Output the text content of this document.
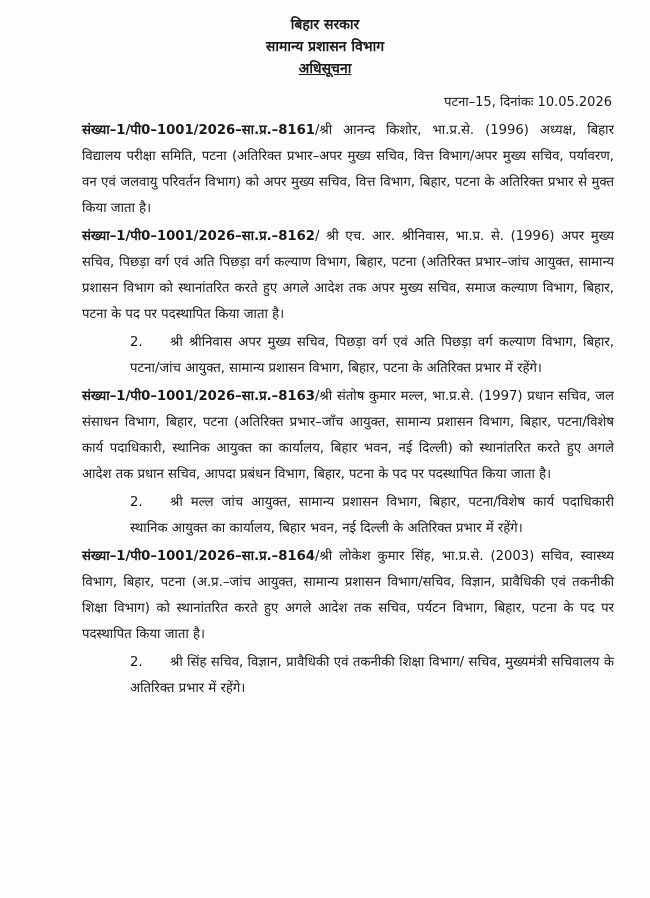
बिहार सरकार
सामान्य प्रशासन विभाग
अधिसूचना
पटना–15, दिनांकः 10.05.2026

संख्या–1/पी0–1001/2026–सा.प्र.–8161/श्री आनन्द किशोर, भा.प्र.से. (1996) अध्यक्ष, बिहार विद्यालय परीक्षा समिति, पटना (अतिरिक्त प्रभार–अपर मुख्य सचिव, वित्त विभाग/अपर मुख्य सचिव, पर्यावरण, वन एवं जलवायु परिवर्तन विभाग) को अपर मुख्य सचिव, वित्त विभाग, बिहार, पटना के अतिरिक्त प्रभार से मुक्त किया जाता है।

संख्या–1/पी0–1001/2026–सा.प्र.–8162/ श्री एच. आर. श्रीनिवास, भा.प्र. से. (1996) अपर मुख्य सचिव, पिछड़ा वर्ग एवं अति पिछड़ा वर्ग कल्याण विभाग, बिहार, पटना (अतिरिक्त प्रभार–जांच आयुक्त, सामान्य प्रशासन विभाग को स्थानांतरित करते हुए अगले आदेश तक अपर मुख्य सचिव, समाज कल्याण विभाग, बिहार, पटना के पद पर पदस्थापित किया जाता है।

2. श्री श्रीनिवास अपर मुख्य सचिव, पिछड़ा वर्ग एवं अति पिछड़ा वर्ग कल्याण विभाग, बिहार, पटना/जांच आयुक्त, सामान्य प्रशासन विभाग, बिहार, पटना के अतिरिक्त प्रभार में रहेंगे।

संख्या–1/पी0–1001/2026–सा.प्र.–8163/श्री संतोष कुमार मल्ल, भा.प्र.से. (1997) प्रधान सचिव, जल संसाधन विभाग, बिहार, पटना (अतिरिक्त प्रभार–जाँच आयुक्त, सामान्य प्रशासन विभाग, बिहार, पटना/विशेष कार्य पदाधिकारी, स्थानिक आयुक्त का कार्यालय, बिहार भवन, नई दिल्ली) को स्थानांतरित करते हुए अगले आदेश तक प्रधान सचिव, आपदा प्रबंधन विभाग, बिहार, पटना के पद पर पदस्थापित किया जाता है।

2. श्री मल्ल जांच आयुक्त, सामान्य प्रशासन विभाग, बिहार, पटना/विशेष कार्य पदाधिकारी स्थानिक आयुक्त का कार्यालय, बिहार भवन, नई दिल्ली के अतिरिक्त प्रभार में रहेंगे।

संख्या–1/पी0–1001/2026–सा.प्र.–8164/श्री लोकेश कुमार सिंह, भा.प्र.से. (2003) सचिव, स्वास्थ्य विभाग, बिहार, पटना (अ.प्र.–जांच आयुक्त, सामान्य प्रशासन विभाग/सचिव, विज्ञान, प्रावैधिकी एवं तकनीकी शिक्षा विभाग) को स्थानांतरित करते हुए अगले आदेश तक सचिव, पर्यटन विभाग, बिहार, पटना के पद पर पदस्थापित किया जाता है।

2. श्री सिंह सचिव, विज्ञान, प्रावैधिकी एवं तकनीकी शिक्षा विभाग/ सचिव, मुख्यमंत्री सचिवालय के अतिरिक्त प्रभार में रहेंगे।
